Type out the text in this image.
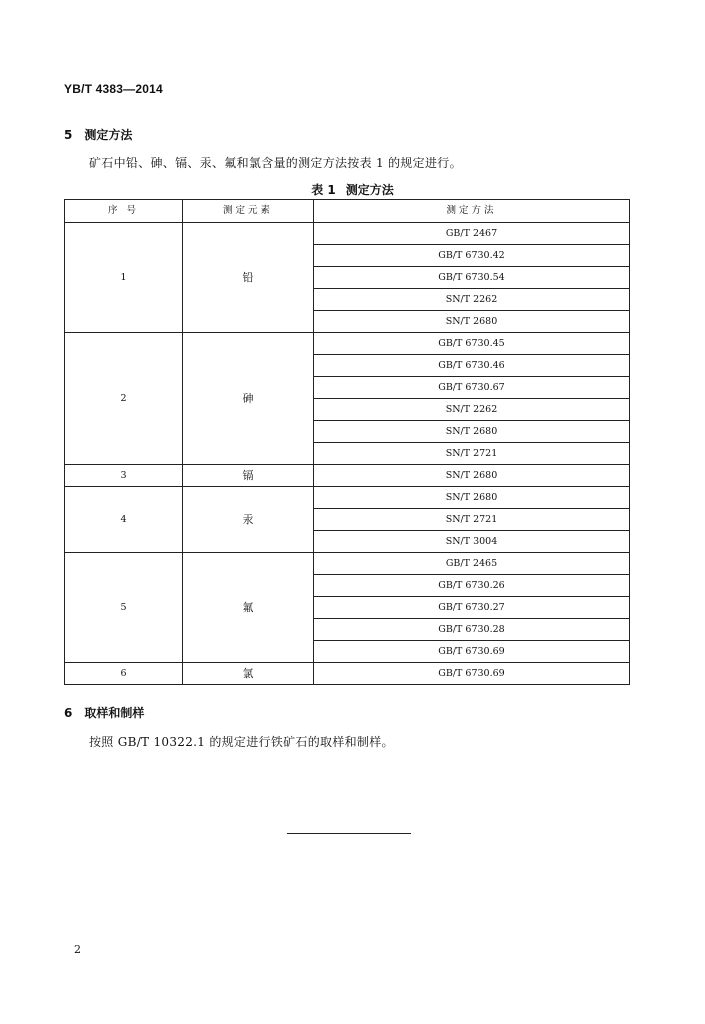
YB/T 4383—2014
5 测定方法
矿石中铅、砷、镉、汞、氟和氯含量的测定方法按表 1 的规定进行。
表 1 测定方法
序 号	测定元素	测定方法
1	铅	GB/T 2467
		GB/T 6730.42
		GB/T 6730.54
		SN/T 2262
		SN/T 2680
2	砷	GB/T 6730.45
		GB/T 6730.46
		GB/T 6730.67
		SN/T 2262
		SN/T 2680
		SN/T 2721
3	镉	SN/T 2680
4	汞	SN/T 2680
		SN/T 2721
		SN/T 3004
5	氟	GB/T 2465
		GB/T 6730.26
		GB/T 6730.27
		GB/T 6730.28
		GB/T 6730.69
6	氯	GB/T 6730.69
6 取样和制样
按照 GB/T 10322.1 的规定进行铁矿石的取样和制样。
2
